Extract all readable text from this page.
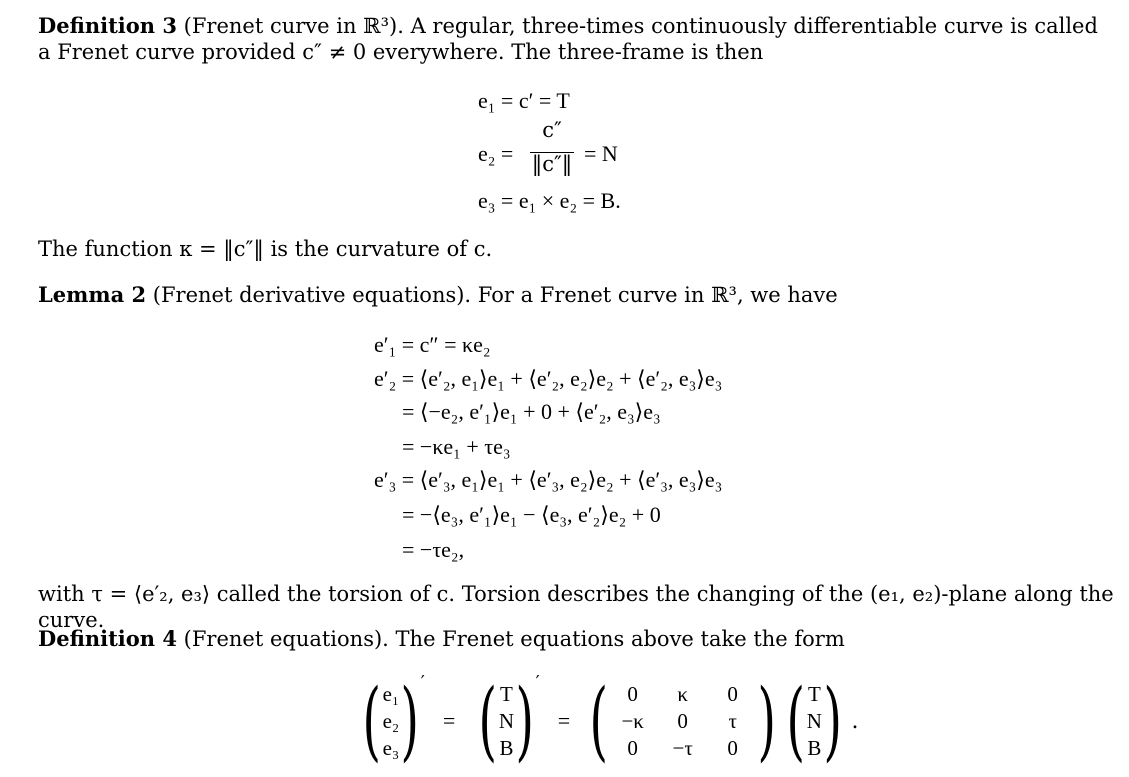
Definition 3 (Frenet curve in ℝ³). A regular, three-times continuously differentiable curve is called a Frenet curve provided c″ ≠ 0 everywhere. The three-frame is then
e₁ = c′ = T
e₂ =
c″
‖c″‖ = N
e₃ = e₁ × e₂ = B.
The function κ = ‖c″‖ is the curvature of c.
Lemma 2 (Frenet derivative equations). For a Frenet curve in ℝ³, we have
e′₁ = c″ = κe₂
e′₂ = ⟨e′₂, e₁⟩e₁ + ⟨e′₂, e₂⟩e₂ + ⟨e′₂, e₃⟩e₃
= ⟨−e₂, e′₁⟩e₁ + 0 + ⟨e′₂, e₃⟩e₃
= −κe₁ + τe₃
e′₃ = ⟨e′₃, e₁⟩e₁ + ⟨e′₃, e₂⟩e₂ + ⟨e′₃, e₃⟩e₃
= −⟨e₃, e′₁⟩e₁ − ⟨e₃, e′₂⟩e₂ + 0
= −τe₂,
with τ = ⟨e′₂, e₃⟩ called the torsion of c. Torsion describes the changing of the (e₁, e₂)-plane along the curve.
Definition 4 (Frenet equations). The Frenet equations above take the form
( e₁
e₂
e₃ ) ′
= ( T
N
B ) ′
= ( 0	κ	0
−κ	0	τ
0	−τ	0 ) ( T
N
B ) .
